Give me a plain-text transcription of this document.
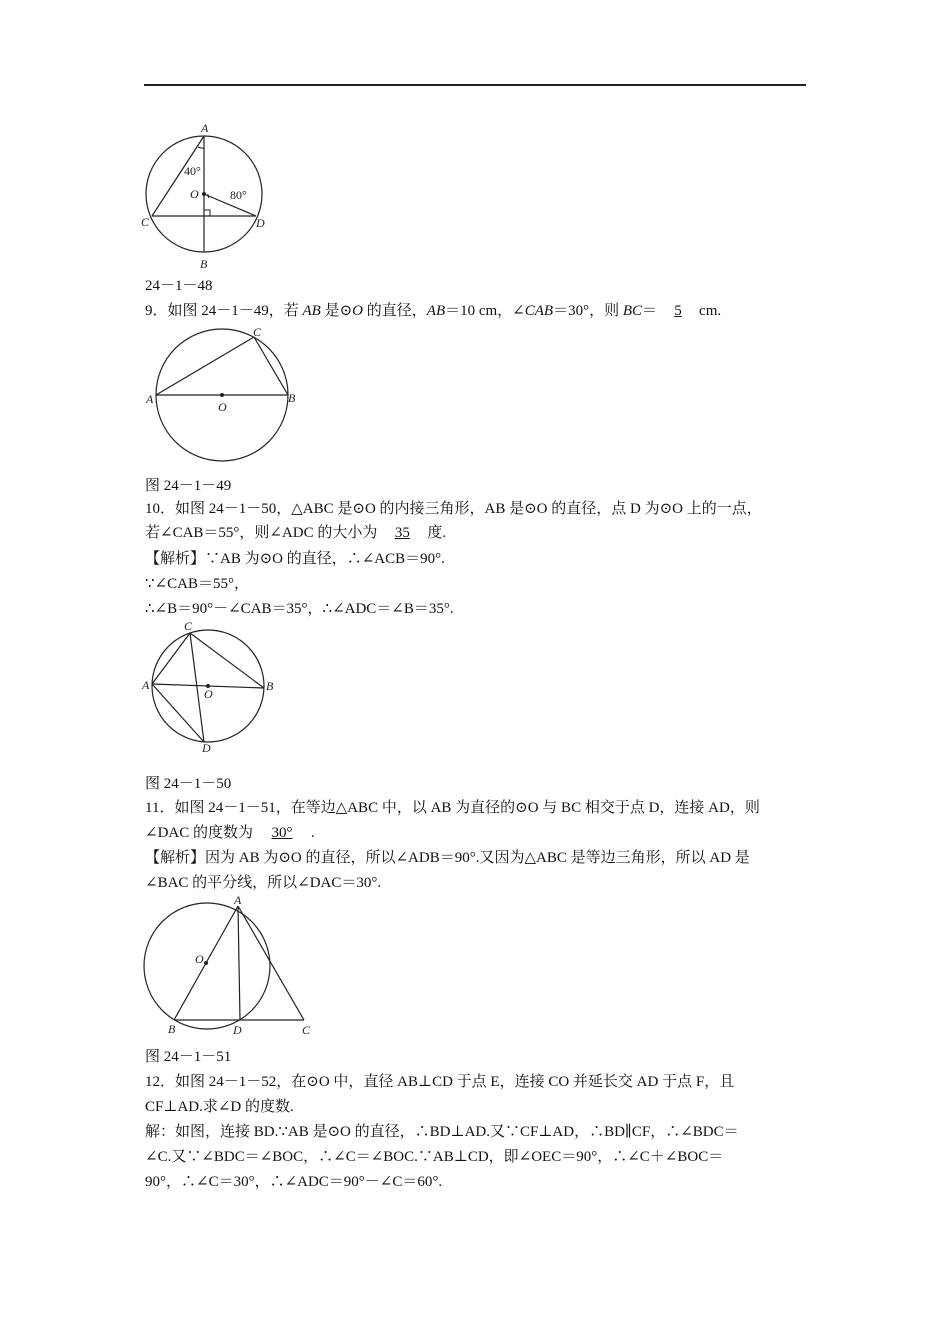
A
B
C	D
O
40°
80°
24－1－48
9．如图 24－1－49，若 AB 是⊙O 的直径，AB＝10 cm，∠CAB＝30°，则 BC＝ 5 cm.
A	B
C
O
图 24－1－49
10．如图 24－1－50，△ABC 是⊙O 的内接三角形，AB 是⊙O 的直径，点 D 为⊙O 上的一点，
若∠CAB＝55°，则∠ADC 的大小为 35 度.
【解析】∵AB 为⊙O 的直径，∴∠ACB＝90°.
∵∠CAB＝55°，
∴∠B＝90°－∠CAB＝35°，∴∠ADC＝∠B＝35°.
A	B
C
D
O
图 24－1－50
11．如图 24－1－51，在等边△ABC 中，以 AB 为直径的⊙O 与 BC 相交于点 D，连接 AD，则
∠DAC 的度数为 30° .
【解析】因为 AB 为⊙O 的直径，所以∠ADB＝90°.又因为△ABC 是等边三角形，所以 AD 是
∠BAC 的平分线，所以∠DAC＝30°.
A
B	C
D
O
图 24－1－51
12．如图 24－1－52，在⊙O 中，直径 AB⊥CD 于点 E，连接 CO 并延长交 AD 于点 F，且
CF⊥AD.求∠D 的度数.
解：如图，连接 BD.∵AB 是⊙O 的直径，∴BD⊥AD.又∵CF⊥AD，∴BD∥CF，∴∠BDC＝
∠C.又∵∠BDC＝∠BOC，∴∠C＝∠BOC.∵AB⊥CD，即∠OEC＝90°，∴∠C＋∠BOC＝
90°，∴∠C＝30°，∴∠ADC＝90°－∠C＝60°.
